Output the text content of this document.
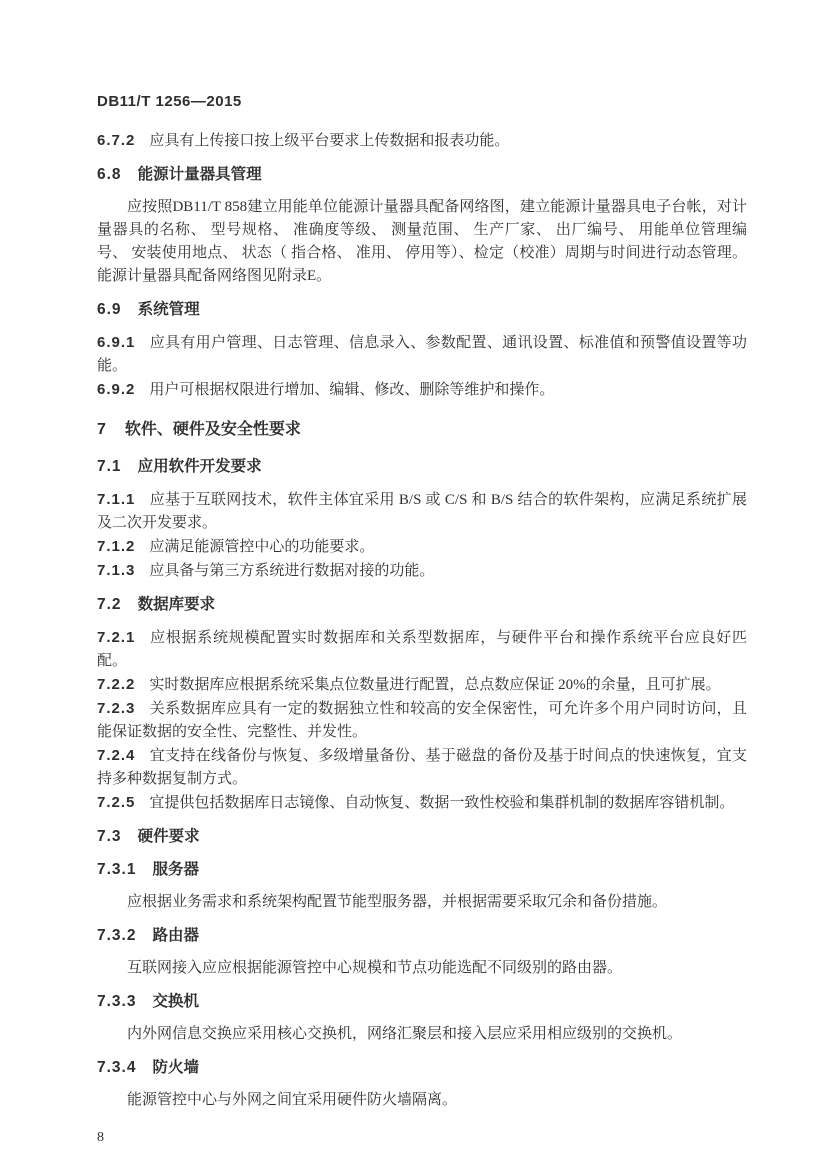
DB11/T 1256—2015

6.7.2 应具有上传接口按上级平台要求上传数据和报表功能。

6.8 能源计量器具管理

应按照DB11/T 858建立用能单位能源计量器具配备网络图，建立能源计量器具电子台帐，对计量器具的名称、 型号规格、 准确度等级、 测量范围、 生产厂家、 出厂编号、 用能单位管理编号、 安装使用地点、 状态（ 指合格、 准用、 停用等）、检定（校准）周期与时间进行动态管理。能源计量器具配备网络图见附录E。

6.9 系统管理

6.9.1 应具有用户管理、日志管理、信息录入、参数配置、通讯设置、标准值和预警值设置等功能。

6.9.2 用户可根据权限进行增加、编辑、修改、删除等维护和操作。

7 软件、硬件及安全性要求

7.1 应用软件开发要求

7.1.1 应基于互联网技术，软件主体宜采用 B/S 或 C/S 和 B/S 结合的软件架构，应满足系统扩展及二次开发要求。

7.1.2 应满足能源管控中心的功能要求。

7.1.3 应具备与第三方系统进行数据对接的功能。

7.2 数据库要求

7.2.1 应根据系统规模配置实时数据库和关系型数据库，与硬件平台和操作系统平台应良好匹配。

7.2.2 实时数据库应根据系统采集点位数量进行配置，总点数应保证 20%的余量，且可扩展。

7.2.3 关系数据库应具有一定的数据独立性和较高的安全保密性，可允许多个用户同时访问，且能保证数据的安全性、完整性、并发性。

7.2.4 宜支持在线备份与恢复、多级增量备份、基于磁盘的备份及基于时间点的快速恢复，宜支持多种数据复制方式。

7.2.5 宜提供包括数据库日志镜像、自动恢复、数据一致性校验和集群机制的数据库容错机制。

7.3 硬件要求

7.3.1 服务器

应根据业务需求和系统架构配置节能型服务器，并根据需要采取冗余和备份措施。

7.3.2 路由器

互联网接入应应根据能源管控中心规模和节点功能选配不同级别的路由器。

7.3.3 交换机

内外网信息交换应采用核心交换机，网络汇聚层和接入层应采用相应级别的交换机。

7.3.4 防火墙

能源管控中心与外网之间宜采用硬件防火墙隔离。

8
